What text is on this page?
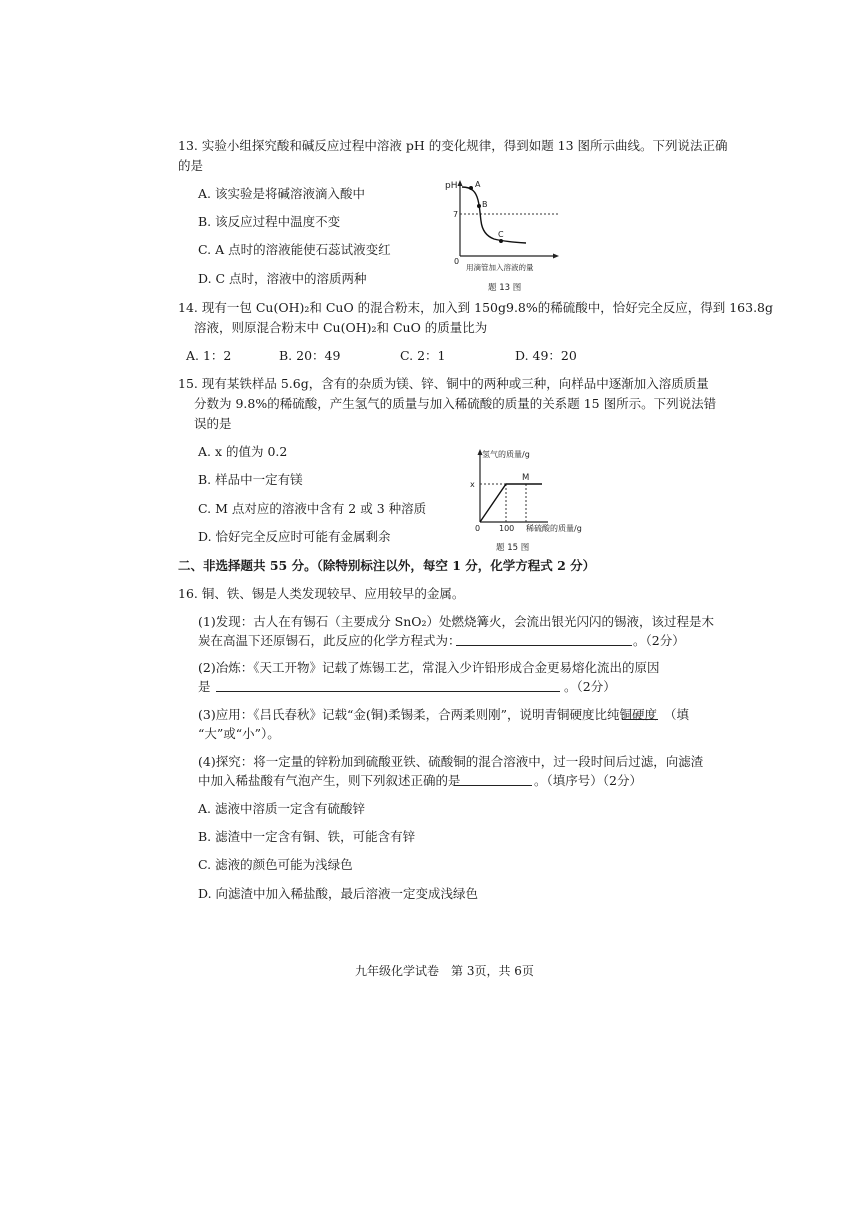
13. 实验小组探究酸和碱反应过程中溶液 pH 的变化规律，得到如题 13 图所示曲线。下列说法正确
的是
A. 该实验是将碱溶液滴入酸中
B. 该反应过程中温度不变
C. A 点时的溶液能使石蕊试液变红
D. C 点时，溶液中的溶质两种
pH
7
0
A
B
C
用滴管加入溶液的量
题 13 图
14. 现有一包 Cu(OH)₂和 CuO 的混合粉末，加入到 150g9.8%的稀硫酸中，恰好完全反应，得到 163.8g
溶液，则原混合粉末中 Cu(OH)₂和 CuO 的质量比为
A. 1：2	B. 20：49	C. 2：1	D. 49：20
15. 现有某铁样品 5.6g，含有的杂质为镁、锌、铜中的两种或三种，向样品中逐渐加入溶质质量
分数为 9.8%的稀硫酸，产生氢气的质量与加入稀硫酸的质量的关系题 15 图所示。下列说法错
误的是
A. x 的值为 0.2
B. 样品中一定有镁
C. M 点对应的溶液中含有 2 或 3 种溶质
D. 恰好完全反应时可能有金属剩余
氢气的质量/g
x
M
0 100 稀硫酸的质量/g
题 15 图
二、非选择题共 55 分。（除特别标注以外，每空 1 分，化学方程式 2 分）
16. 铜、铁、锡是人类发现较早、应用较早的金属。
(1)发现：古人在有锡石（主要成分 SnO₂）处燃烧篝火，会流出银光闪闪的锡液，该过程是木
炭在高温下还原锡石，此反应的化学方程式为：	。（2分）
(2)冶炼：《天工开物》记载了炼锡工艺，常混入少许铅形成合金更易熔化流出的原因
是	。（2分）
(3)应用：《吕氏春秋》记载“金(铜)柔锡柔，合两柔则刚”，说明青铜硬度比纯铜硬度 （填
“大”或“小”）。
(4)探究：将一定量的锌粉加到硫酸亚铁、硫酸铜的混合溶液中，过一段时间后过滤，向滤渣
中加入稀盐酸有气泡产生，则下列叙述正确的是	。（填序号）（2分）
A. 滤液中溶质一定含有硫酸锌
B. 滤渣中一定含有铜、铁，可能含有锌
C. 滤液的颜色可能为浅绿色
D. 向滤渣中加入稀盐酸，最后溶液一定变成浅绿色
九年级化学试卷　第 3页，共 6页
